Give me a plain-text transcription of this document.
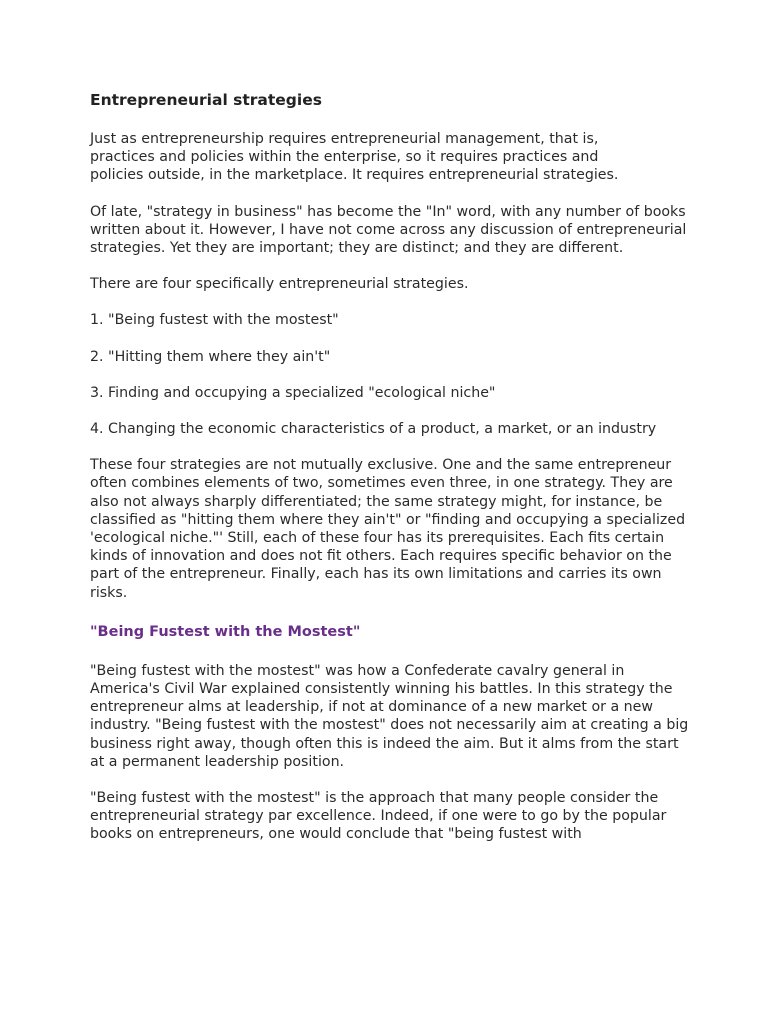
Entrepreneurial strategies

Just as entrepreneurship requires entrepreneurial management, that is, practices and policies within the enterprise, so it requires practices and policies outside, in the marketplace. It requires entrepreneurial strategies.

Of late, "strategy in business" has become the "In" word, with any number of books written about it. However, I have not come across any discussion of entrepreneurial strategies. Yet they are important; they are distinct; and they are different.

There are four specifically entrepreneurial strategies.

1. "Being fustest with the mostest"

2. "Hitting them where they ain't"

3. Finding and occupying a specialized "ecological niche"

4. Changing the economic characteristics of a product, a market, or an industry

These four strategies are not mutually exclusive. One and the same entrepreneur often combines elements of two, sometimes even three, in one strategy. They are also not always sharply differentiated; the same strategy might, for instance, be classified as "hitting them where they ain't" or "finding and occupying a specialized 'ecological niche."' Still, each of these four has its prerequisites. Each fits certain kinds of innovation and does not fit others. Each requires specific behavior on the part of the entrepreneur. Finally, each has its own limitations and carries its own risks.

"Being Fustest with the Mostest"

"Being fustest with the mostest" was how a Confederate cavalry general in America's Civil War explained consistently winning his battles. In this strategy the entrepreneur alms at leadership, if not at dominance of a new market or a new industry. "Being fustest with the mostest" does not necessarily aim at creating a big business right away, though often this is indeed the aim. But it alms from the start at a permanent leadership position.

"Being fustest with the mostest" is the approach that many people consider the entrepreneurial strategy par excellence. Indeed, if one were to go by the popular books on entrepreneurs, one would conclude that "being fustest with
